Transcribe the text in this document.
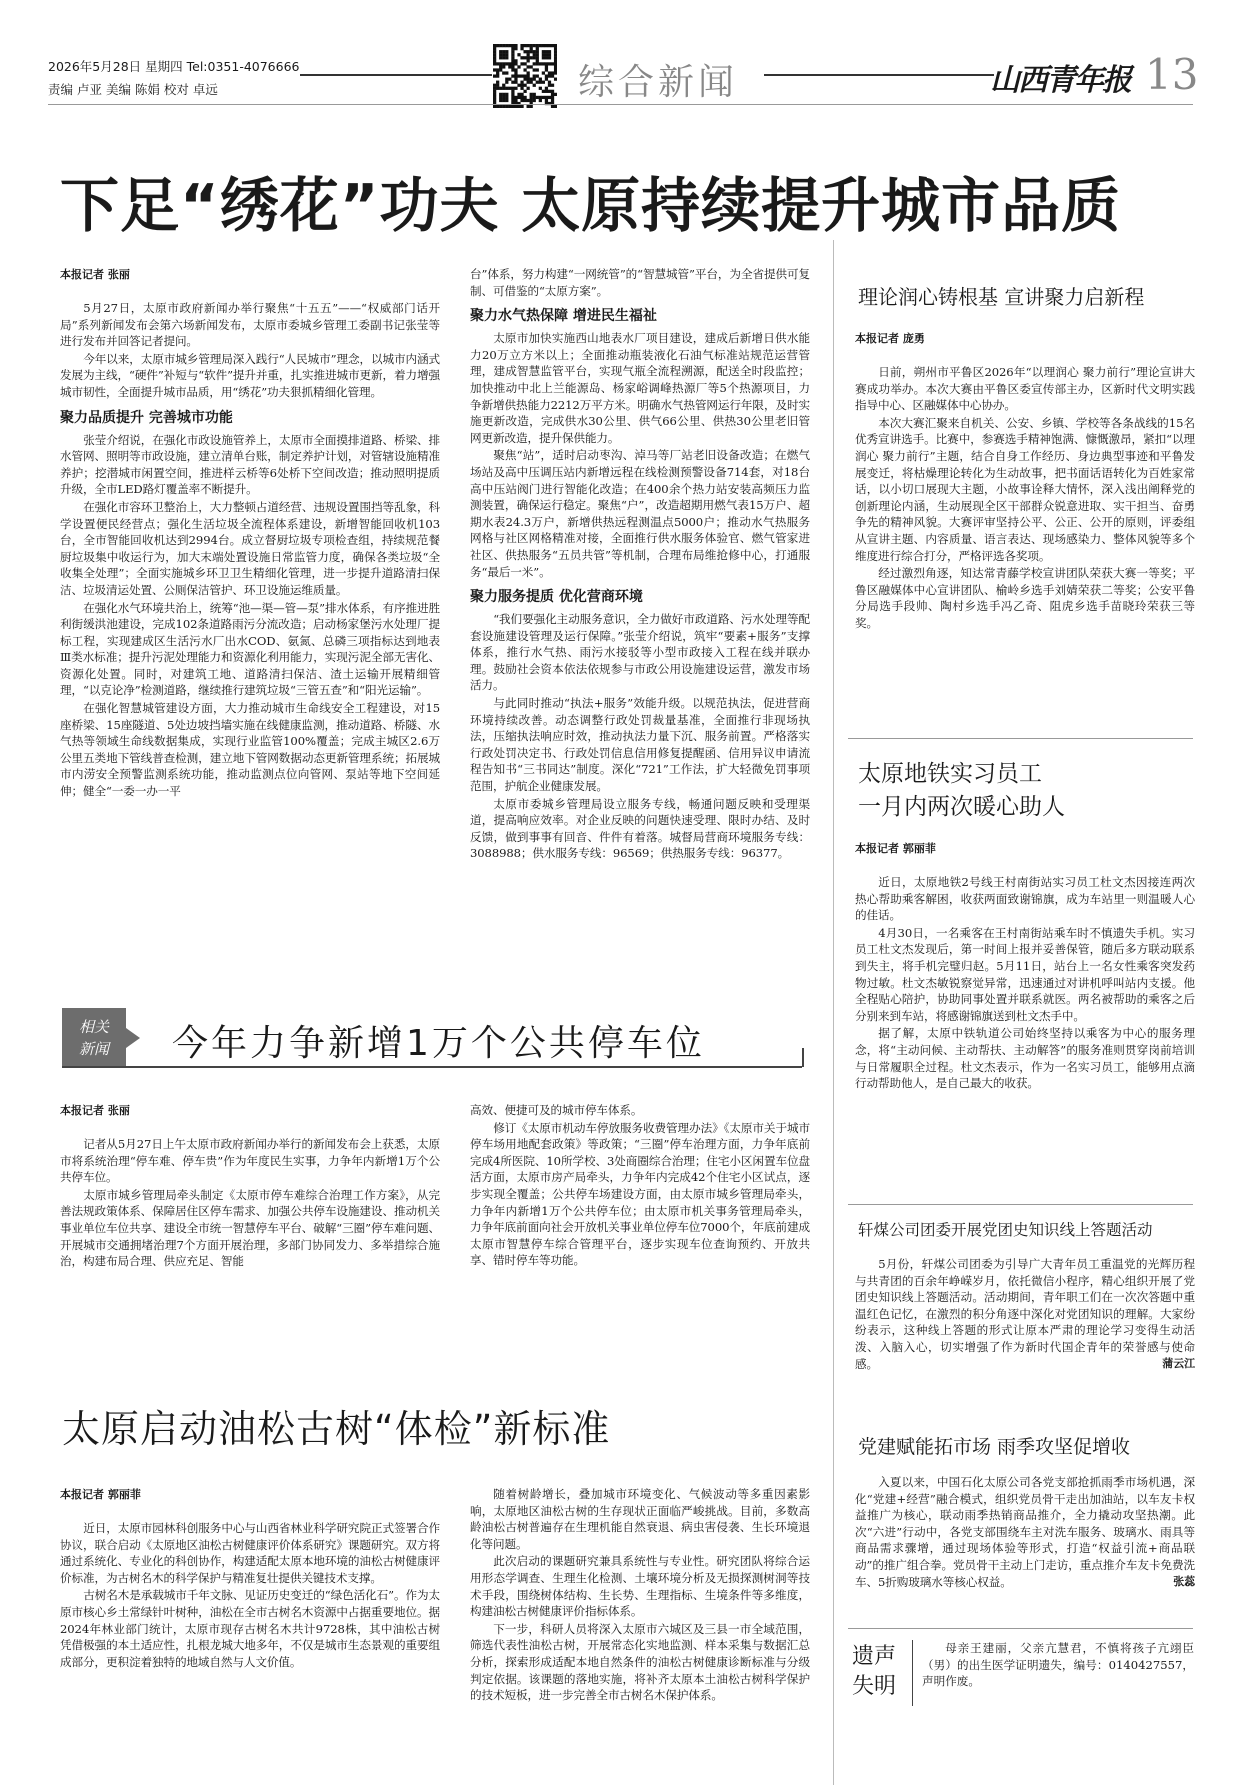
2026年5月28日 星期四 Tel:0351-4076666
责编 卢亚 美编 陈娟 校对 卓远	综合新闻	山西青年报 13
下足“绣花”功夫 太原持续提升城市品质
本报记者 张丽

5月27日，太原市政府新闻办举行聚焦“十五五”——“权威部门话开局”系列新闻发布会第六场新闻发布，太原市委城乡管理工委副书记张莹等进行发布并回答记者提问。

今年以来，太原市城乡管理局深入践行“人民城市”理念，以城市内涵式发展为主线，“硬件”补短与“软件”提升并重，扎实推进城市更新，着力增强城市韧性，全面提升城市品质，用“绣花”功夫狠抓精细化管理。

聚力品质提升 完善城市功能

张莹介绍说，在强化市政设施管养上，太原市全面摸排道路、桥梁、排水管网、照明等市政设施，建立清单台账，制定养护计划，对管辖设施精准养护；挖潜城市闲置空间，推进样云桥等6处桥下空间改造；推动照明提质升级，全市LED路灯覆盖率不断提升。

在强化市容环卫整治上，大力整顿占道经营、违规设置围挡等乱象，科学设置便民经营点；强化生活垃圾全流程体系建设，新增智能回收机103台，全市智能回收机达到2994台。成立督厨垃圾专项检查组，持续规范餐厨垃圾集中收运行为，加大末端处置设施日常监管力度，确保各类垃圾“全收集全处理”；全面实施城乡环卫卫生精细化管理，进一步提升道路清扫保洁、垃圾清运处置、公厕保洁管护、环卫设施运维质量。

在强化水气环境共治上，统筹“池—渠—管—泵”排水体系，有序推进胜利街缓洪池建设，完成102条道路雨污分流改造；启动杨家堡污水处理厂提标工程，实现建成区生活污水厂出水COD、氨氮、总磷三项指标达到地表Ⅲ类水标准；提升污泥处理能力和资源化利用能力，实现污泥全部无害化、资源化处置。同时，对建筑工地、道路清扫保洁、渣土运输开展精细管理，“以克论净”检测道路，继续推行建筑垃圾“三管五查”和“阳光运输”。

在强化智慧城管建设方面，大力推动城市生命线安全工程建设，对15座桥梁、15座隧道、5处边坡挡墙实施在线健康监测，推动道路、桥隧、水气热等领域生命线数据集成，实现行业监管100%覆盖；完成主城区2.6万公里五类地下管线普查检测，建立地下管网数据动态更新管理系统；拓展城市内涝安全预警监测系统功能，推动监测点位向管网、泵站等地下空间延伸；健全“一委一办一平

台”体系，努力构建“一网统管”的“智慧城管”平台，为全省提供可复制、可借鉴的“太原方案”。

聚力水气热保障 增进民生福祉

太原市加快实施西山地表水厂项目建设，建成后新增日供水能力20万立方米以上；全面推动瓶装液化石油气标准站规范运营管理，建成智慧监管平台，实现气瓶全流程溯源，配送全时段监控；加快推动中北上兰能源岛、杨家峪调峰热源厂等5个热源项目，力争新增供热能力2212万平方米。明确水气热管网运行年限，及时实施更新改造，完成供水30公里、供气66公里、供热30公里老旧管网更新改造，提升保供能力。

聚焦“站”，适时启动枣沟、淖马等厂站老旧设备改造；在燃气场站及高中压调压站内新增远程在线检测预警设备714套，对18台高中压站阀门进行智能化改造；在400余个热力站安装高频压力监测装置，确保运行稳定。聚焦“户”，改造超期用燃气表15万户、超期水表24.3万户，新增供热远程测温点5000户；推动水气热服务网格与社区网格精准对接，全面推行供水服务体验官、燃气管家进社区、供热服务“五员共管”等机制，合理布局维抢修中心，打通服务“最后一米”。

聚力服务提质 优化营商环境

“我们要强化主动服务意识，全力做好市政道路、污水处理等配套设施建设管理及运行保障。”张莹介绍说，筑牢“要素+服务”支撑体系，推行水气热、雨污水接驳等小型市政接入工程在线并联办理。鼓励社会资本依法依规参与市政公用设施建设运营，激发市场活力。

与此同时推动“执法+服务”效能升级。以规范执法，促进营商环境持续改善。动态调整行政处罚裁量基准，全面推行非现场执法，压缩执法响应时效，推动执法力量下沉、服务前置。严格落实行政处罚决定书、行政处罚信息信用修复提醒函、信用异议申请流程告知书“三书同达”制度。深化“721”工作法，扩大轻微免罚事项范围，护航企业健康发展。

太原市委城乡管理局设立服务专线，畅通问题反映和受理渠道，提高响应效率。对企业反映的问题快速受理、限时办结、及时反馈，做到事事有回音、件件有着落。城督局营商环境服务专线：3088988；供水服务专线：96569；供热服务专线：96377。

相关
新闻	今年力争新增1万个公共停车位
本报记者 张丽

记者从5月27日上午太原市政府新闻办举行的新闻发布会上获悉，太原市将系统治理“停车难、停车贵”作为年度民生实事，力争年内新增1万个公共停车位。

太原市城乡管理局牵头制定《太原市停车难综合治理工作方案》，从完善法规政策体系、保障居住区停车需求、加强公共停车设施建设、推动机关事业单位车位共享、建设全市统一智慧停车平台、破解“三圈”停车难问题、开展城市交通拥堵治理7个方面开展治理，多部门协同发力、多举措综合施治，构建布局合理、供应充足、智能

高效、便捷可及的城市停车体系。

修订《太原市机动车停放服务收费管理办法》《太原市关于城市停车场用地配套政策》等政策；“三圈”停车治理方面，力争年底前完成4所医院、10所学校、3处商圈综合治理；住宅小区闲置车位盘活方面，太原市房产局牵头，力争年内完成42个住宅小区试点，逐步实现全覆盖；公共停车场建设方面，由太原市城乡管理局牵头，力争年内新增1万个公共停车位；由太原市机关事务管理局牵头，力争年底前面向社会开放机关事业单位停车位7000个，年底前建成太原市智慧停车综合管理平台，逐步实现车位查询预约、开放共享、错时停车等功能。

太原启动油松古树“体检”新标准
本报记者 郭丽菲

近日，太原市园林科创服务中心与山西省林业科学研究院正式签署合作协议，联合启动《太原地区油松古树健康评价体系研究》课题研究。双方将通过系统化、专业化的科创协作，构建适配太原本地环境的油松古树健康评价标准，为古树名木的科学保护与精准复壮提供关键技术支撑。

古树名木是承载城市千年文脉、见证历史变迁的“绿色活化石”。作为太原市核心乡土常绿针叶树种，油松在全市古树名木资源中占据重要地位。据2024年林业部门统计，太原市现存古树名木共计9728株，其中油松古树凭借极强的本土适应性，扎根龙城大地多年，不仅是城市生态景观的重要组成部分，更积淀着独特的地域自然与人文价值。

随着树龄增长，叠加城市环境变化、气候波动等多重因素影响，太原地区油松古树的生存现状正面临严峻挑战。目前，多数高龄油松古树普遍存在生理机能自然衰退、病虫害侵袭、生长环境退化等问题。

此次启动的课题研究兼具系统性与专业性。研究团队将综合运用形态学调查、生理生化检测、土壤环境分析及无损探测树洞等技术手段，围绕树体结构、生长势、生理指标、生境条件等多维度，构建油松古树健康评价指标体系。

下一步，科研人员将深入太原市六城区及三县一市全域范围，筛选代表性油松古树，开展常态化实地监测、样本采集与数据汇总分析，探索形成适配本地自然条件的油松古树健康诊断标准与分级判定依据。该课题的落地实施，将补齐太原本土油松古树科学保护的技术短板，进一步完善全市古树名木保护体系。

理论润心铸根基 宣讲聚力启新程
本报记者 庞勇

日前，朔州市平鲁区2026年“以理润心 聚力前行”理论宣讲大赛成功举办。本次大赛由平鲁区委宣传部主办，区新时代文明实践指导中心、区融媒体中心协办。

本次大赛汇聚来自机关、公安、乡镇、学校等各条战线的15名优秀宣讲选手。比赛中，参赛选手精神饱满、慷慨激昂，紧扣“以理润心 聚力前行”主题，结合自身工作经历、身边典型事迹和平鲁发展变迁，将枯燥理论转化为生动故事，把书面话语转化为百姓家常话，以小切口展现大主题，小故事诠释大情怀，深入浅出阐释党的创新理论内涵，生动展现全区干部群众锐意进取、实干担当、奋勇争先的精神风貌。大赛评审坚持公平、公正、公开的原则，评委组从宣讲主题、内容质量、语言表达、现场感染力、整体风貌等多个维度进行综合打分，严格评选各奖项。

经过激烈角逐，知达常青藤学校宣讲团队荣获大赛一等奖；平鲁区融媒体中心宣讲团队、榆岭乡选手刘婧荣获二等奖；公安平鲁分局选手段帅、陶村乡选手冯乙奇、阻虎乡选手苗晓玲荣获三等奖。

太原地铁实习员工
一月内两次暖心助人
本报记者 郭丽菲

近日，太原地铁2号线王村南街站实习员工杜文杰因接连两次热心帮助乘客解困，收获两面致谢锦旗，成为车站里一则温暖人心的佳话。

4月30日，一名乘客在王村南街站乘车时不慎遗失手机。实习员工杜文杰发现后，第一时间上报并妥善保管，随后多方联动联系到失主，将手机完璧归赵。5月11日，站台上一名女性乘客突发药物过敏。杜文杰敏锐察觉异常，迅速通过对讲机呼叫站内支援。他全程贴心陪护，协助同事处置并联系就医。两名被帮助的乘客之后分别来到车站，将感谢锦旗送到杜文杰手中。

据了解，太原中铁轨道公司始终坚持以乘客为中心的服务理念，将“主动问候、主动帮扶、主动解答”的服务准则贯穿岗前培训与日常履职全过程。杜文杰表示，作为一名实习员工，能够用点滴行动帮助他人，是自己最大的收获。

轩煤公司团委开展党团史知识线上答题活动

5月份，轩煤公司团委为引导广大青年员工重温党的光辉历程与共青团的百余年峥嵘岁月，依托微信小程序，精心组织开展了党团史知识线上答题活动。活动期间，青年职工们在一次次答题中重温红色记忆，在激烈的积分角逐中深化对党团知识的理解。大家纷纷表示，这种线上答题的形式让原本严肃的理论学习变得生动活泼、入脑入心，切实增强了作为新时代国企青年的荣誉感与使命感。	蒲云江

党建赋能拓市场 雨季攻坚促增收

入夏以来，中国石化太原公司各党支部抢抓雨季市场机遇，深化“党建+经营”融合模式，组织党员骨干走出加油站，以车友卡权益推广为核心，联动雨季热销商品推介，全力撬动攻坚热潮。此次“六进”行动中，各党支部围绕车主对洗车服务、玻璃水、雨具等商品需求骤增，通过现场体验等形式，打造“权益引流+商品联动”的推广组合拳。党员骨干主动上门走访，重点推介车友卡免费洗车、5折购玻璃水等核心权益。	张蕊

遗声
失明
母亲王建丽，父亲亢慧君，不慎将孩子亢翊臣（男）的出生医学证明遗失，编号：0140427557，声明作废。
